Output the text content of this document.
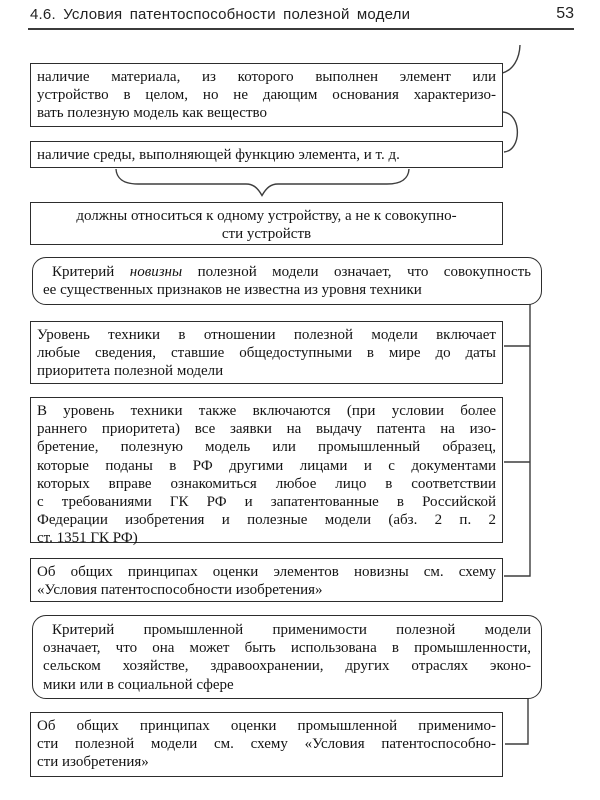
4.6. Условия патентоспособности полезной модели	53
наличие материала, из которого выполнен элемент или
устройство в целом, но не дающим основания характеризо-
вать полезную модель как вещество
наличие среды, выполняющей функцию элемента, и т. д.
должны относиться к одному устройству, а не к совокупно-
сти устройств
Критерий новизны полезной модели означает, что совокупность
ее существенных признаков не известна из уровня техники
Уровень техники в отношении полезной модели включает
любые сведения, ставшие общедоступными в мире до даты
приоритета полезной модели
В уровень техники также включаются (при условии более
раннего приоритета) все заявки на выдачу патента на изо-
бретение, полезную модель или промышленный образец,
которые поданы в РФ другими лицами и с документами
которых вправе ознакомиться любое лицо в соответствии
с требованиями ГК РФ и запатентованные в Российской
Федерации изобретения и полезные модели (абз. 2 п. 2
ст. 1351 ГК РФ)
Об общих принципах оценки элементов новизны см. схему
«Условия патентоспособности изобретения»
Критерий промышленной применимости полезной модели
означает, что она может быть использована в промышленности,
сельском хозяйстве, здравоохранении, других отраслях эконо-
мики или в социальной сфере
Об общих принципах оценки промышленной применимо-
сти полезной модели см. схему «Условия патентоспособно-
сти изобретения»
